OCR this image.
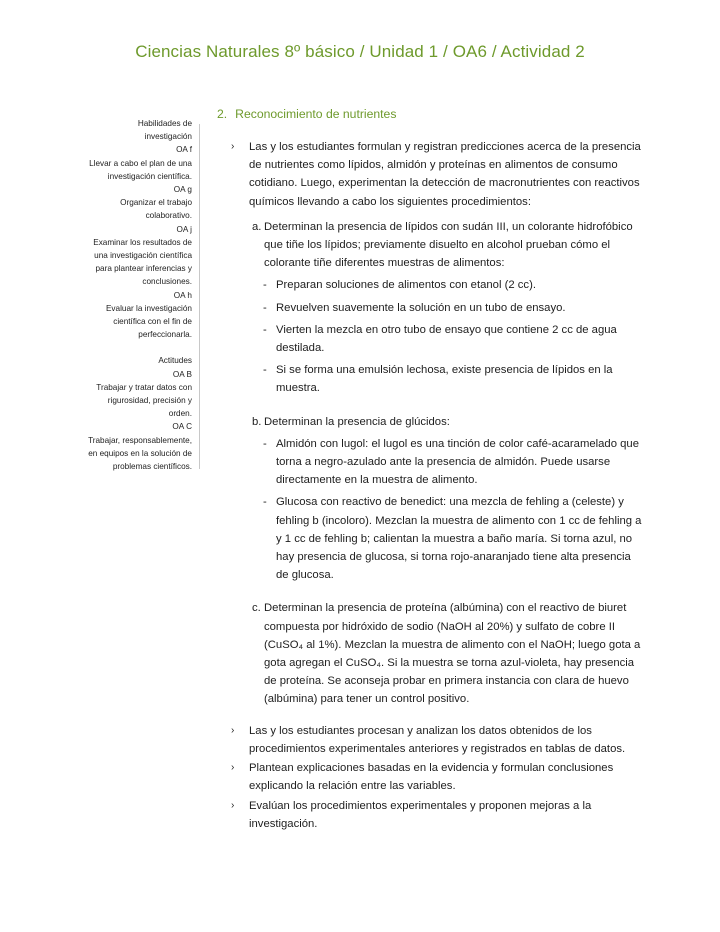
Ciencias Naturales 8º básico / Unidad 1 / OA6 / Actividad 2
Habilidades de
investigación
OA f
Llevar a cabo el plan de una
investigación científica.
OA g
Organizar el trabajo
colaborativo.
OA j
Examinar los resultados de
una investigación científica
para plantear inferencias y
conclusiones.
OA h
Evaluar la investigación
científica con el fin de
perfeccionarla.
Actitudes
OA B
Trabajar y tratar datos con
rigurosidad, precisión y
orden.
OA C
Trabajar, responsablemente,
en equipos en la solución de
problemas científicos.
2. Reconocimiento de nutrientes
› Las y los estudiantes formulan y registran predicciones acerca de la presencia de nutrientes como lípidos, almidón y proteínas en alimentos de consumo cotidiano. Luego, experimentan la detección de macronutrientes con reactivos químicos llevando a cabo los siguientes procedimientos:
a. Determinan la presencia de lípidos con sudán III, un colorante hidrofóbico que tiñe los lípidos; previamente disuelto en alcohol prueban cómo el colorante tiñe diferentes muestras de alimentos:
- Preparan soluciones de alimentos con etanol (2 cc).
- Revuelven suavemente la solución en un tubo de ensayo.
- Vierten la mezcla en otro tubo de ensayo que contiene 2 cc de agua destilada.
- Si se forma una emulsión lechosa, existe presencia de lípidos en la muestra.
b. Determinan la presencia de glúcidos:
- Almidón con lugol: el lugol es una tinción de color café-acaramelado que torna a negro-azulado ante la presencia de almidón. Puede usarse directamente en la muestra de alimento.
- Glucosa con reactivo de benedict: una mezcla de fehling a (celeste) y fehling b (incoloro). Mezclan la muestra de alimento con 1 cc de fehling a y 1 cc de fehling b; calientan la muestra a baño maría. Si torna azul, no hay presencia de glucosa, si torna rojo-anaranjado tiene alta presencia de glucosa.
c. Determinan la presencia de proteína (albúmina) con el reactivo de biuret compuesta por hidróxido de sodio (NaOH al 20%) y sulfato de cobre II (CuSO₄ al 1%). Mezclan la muestra de alimento con el NaOH; luego gota a gota agregan el CuSO₄. Si la muestra se torna azul-violeta, hay presencia de proteína. Se aconseja probar en primera instancia con clara de huevo (albúmina) para tener un control positivo.
› Las y los estudiantes procesan y analizan los datos obtenidos de los procedimientos experimentales anteriores y registrados en tablas de datos.
› Plantean explicaciones basadas en la evidencia y formulan conclusiones explicando la relación entre las variables.
› Evalúan los procedimientos experimentales y proponen mejoras a la investigación.
